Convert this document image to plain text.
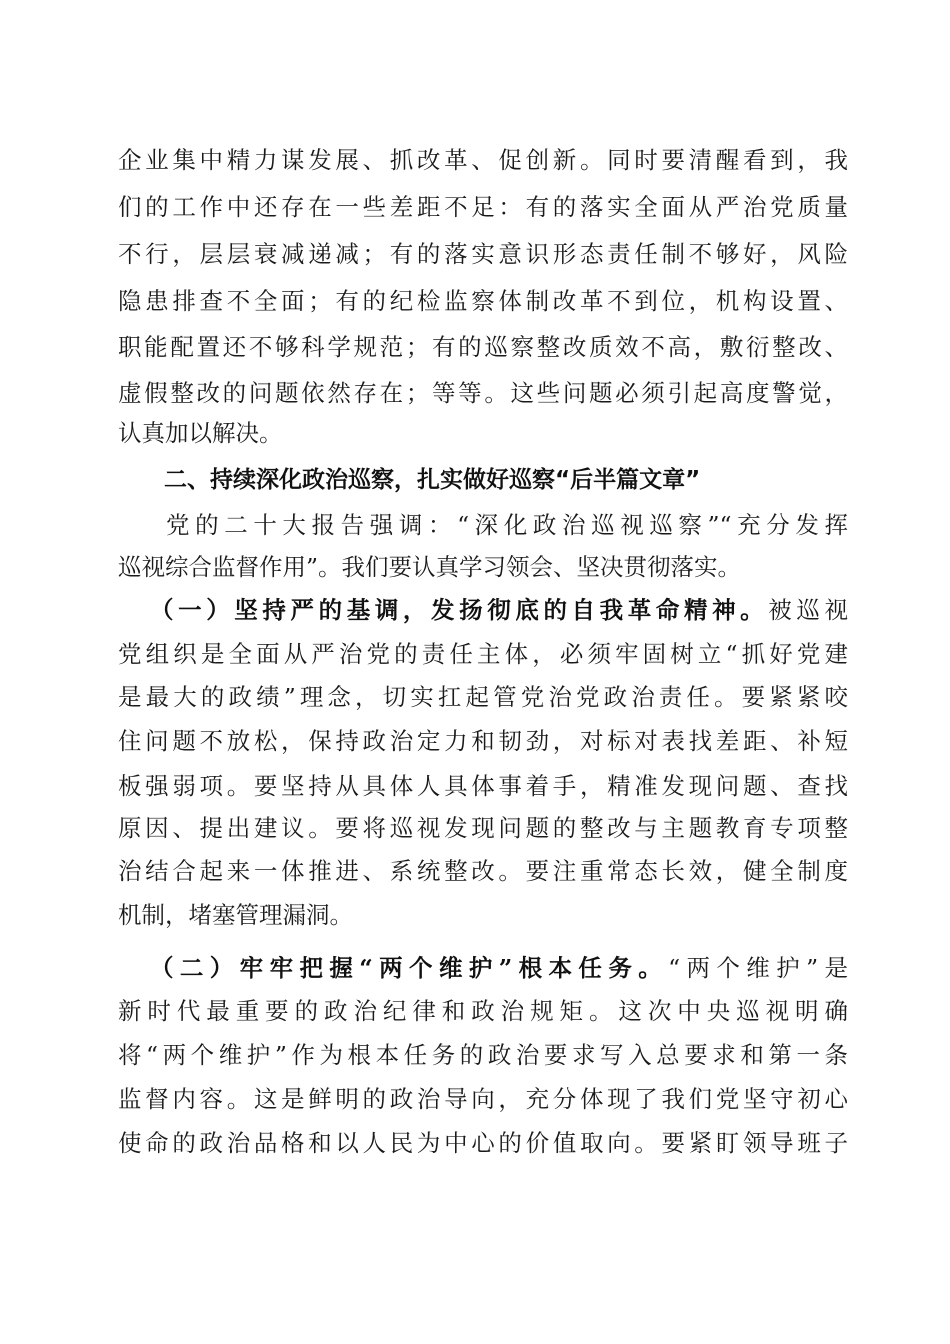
企业集中精力谋发展、抓改革、促创新。同时要清醒看到，我
们的工作中还存在一些差距不足：有的落实全面从严治党质量
不行，层层衰减递减；有的落实意识形态责任制不够好，风险
隐患排查不全面；有的纪检监察体制改革不到位，机构设置、
职能配置还不够科学规范；有的巡察整改质效不高，敷衍整改、
虚假整改的问题依然存在；等等。这些问题必须引起高度警觉，
认真加以解决。
二、持续深化政治巡察，扎实做好巡察“后半篇文章”
党的二十大报告强调：“深化政治巡视巡察”“充分发挥
巡视综合监督作用”。我们要认真学习领会、坚决贯彻落实。
（一）坚持严的基调，发扬彻底的自我革命精神。被巡视
党组织是全面从严治党的责任主体，必须牢固树立“抓好党建
是最大的政绩”理念，切实扛起管党治党政治责任。要紧紧咬
住问题不放松，保持政治定力和韧劲，对标对表找差距、补短
板强弱项。要坚持从具体人具体事着手，精准发现问题、查找
原因、提出建议。要将巡视发现问题的整改与主题教育专项整
治结合起来一体推进、系统整改。要注重常态长效，健全制度
机制，堵塞管理漏洞。
（二）牢牢把握“两个维护”根本任务。“两个维护”是
新时代最重要的政治纪律和政治规矩。这次中央巡视明确
将“两个维护”作为根本任务的政治要求写入总要求和第一条
监督内容。这是鲜明的政治导向，充分体现了我们党坚守初心
使命的政治品格和以人民为中心的价值取向。要紧盯领导班子
